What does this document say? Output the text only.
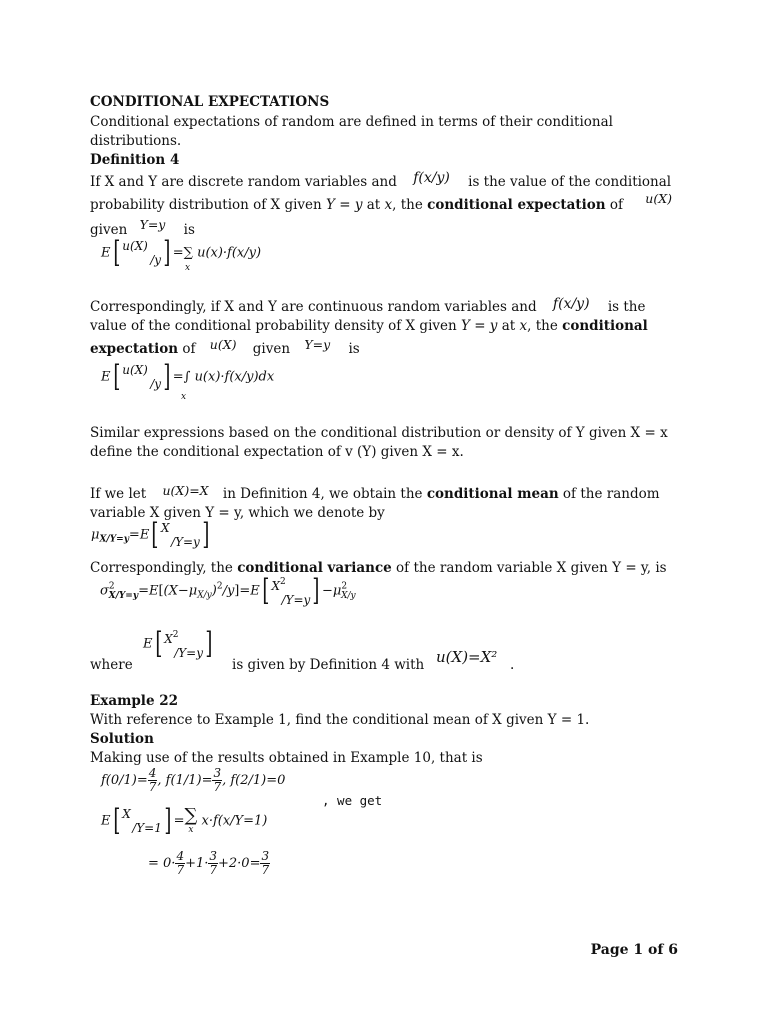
CONDITIONAL EXPECTATIONS
Conditional expectations of random are defined in terms of their conditional
distributions.
Definition 4
If X and Y are discrete random variables and f(x/y) is the value of the conditional
probability distribution of X given Y = y at x, the conditional expectation of u(X)
given Y=y is
E[ u(X)
/y] =∑ u(x)·f(x/y)
x
Correspondingly, if X and Y are continuous random variables and f(x/y) is the
value of the conditional probability density of X given Y = y at x, the conditional
expectation of u(X) given Y=y is
E[ u(X)
/y] =∫ u(x)·f(x/y)dx
x
Similar expressions based on the conditional distribution or density of Y given X = x
define the conditional expectation of v (Y) given X = x.
If we let u(X)=X in Definition 4, we obtain the conditional mean of the random
variable X given Y = y, which we denote by
$\mu_{X/Y=y}=E$[ X
/Y=y]
Correspondingly, the conditional variance of the random variable X given Y = y, is
$\sigma^2_{X/Y=y}=E[(X-\mu_{X/y})^2/y]=E$[ $X^2$
$/Y=y] -\mu^2_{X/y}$
where
E[ $X^2$
/Y=y]
is given by Definition 4 with u(X)=X² .
Example 22
With reference to Example 1, find the conditional mean of X given Y = 1.
Solution
Making use of the results obtained in Example 10, that is
$f(0/1)= \frac{4}{7}$ , $f(1/1)= \frac{3}{7}$ , f(2/1)=0
, we get
E[ X
/Y=1] = ∑
x
x·f(x/Y=1)
= $0\cdot \frac{4}{7} +1\cdot \frac{3}{7} +2\cdot 0= \frac{3}{7}$
Page 1 of 6
